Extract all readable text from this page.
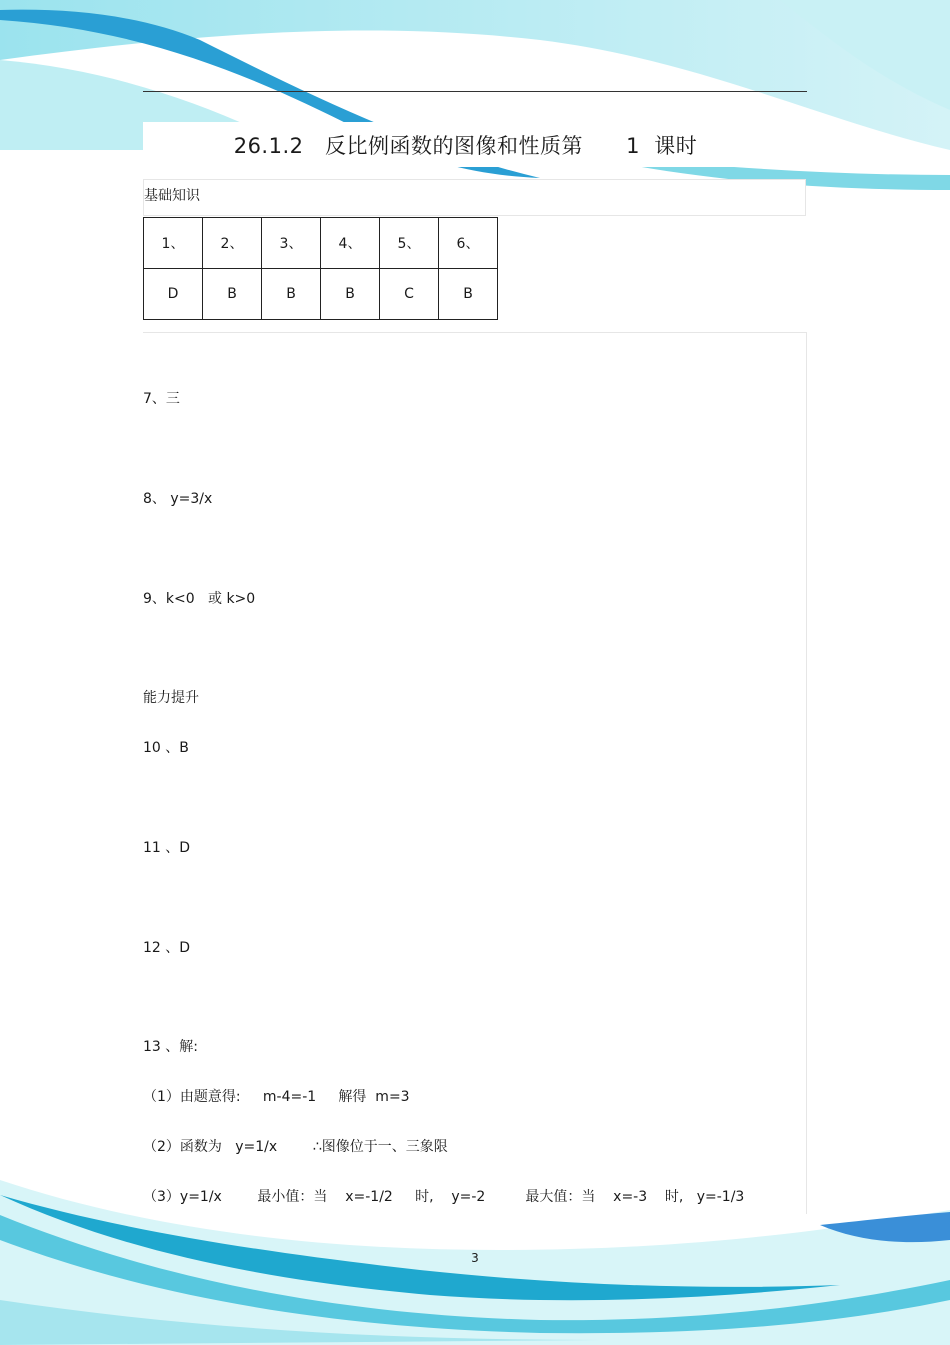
26.1.2   反比例函数的图像和性质第      1  课时
基础知识
1、	2、	3、	4、	5、	6、
D	B	B	B	C	B
7、三
8、 y=3/x
9、k<0   或 k>0
能力提升
10 、B
11 、D
12 、D
13 、解:
（1）由题意得:     m-4=-1     解得  m=3
（2）函数为   y=1/x        ∴图像位于一、三象限
（3）y=1/x        最小值：当    x=-1/2     时,    y=-2         最大值：当    x=-3    时,   y=-1/3
3
